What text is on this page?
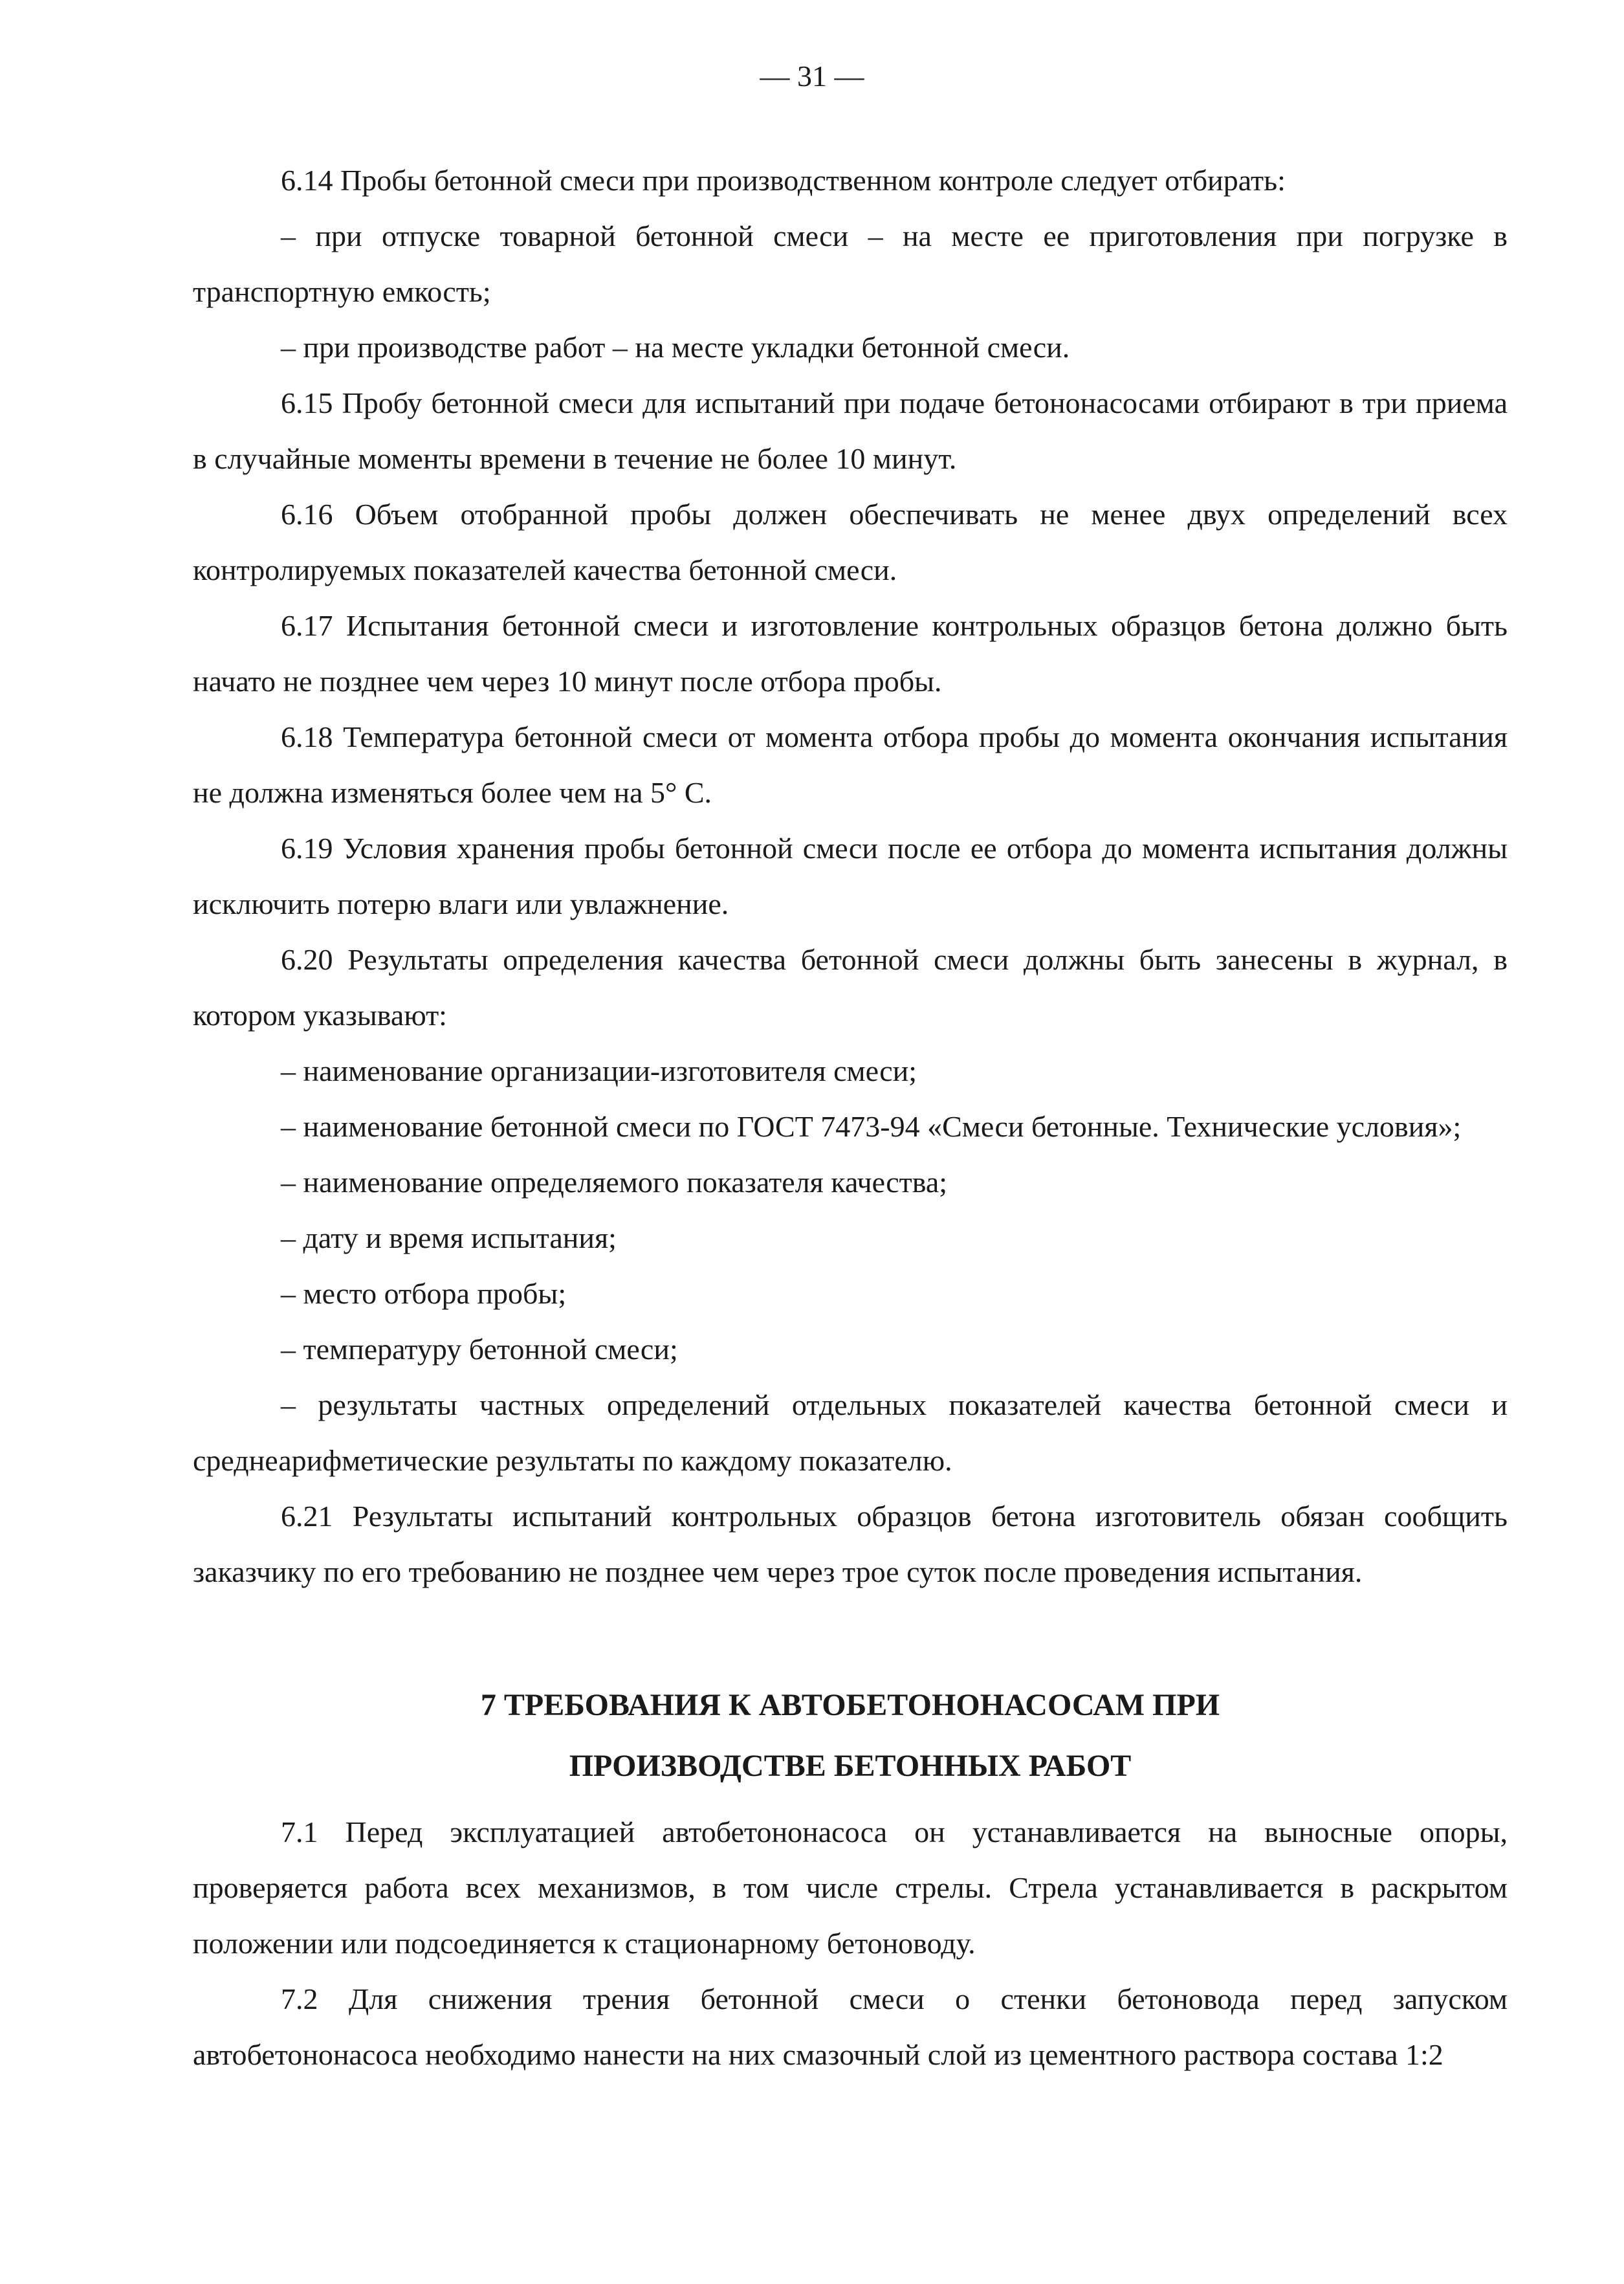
— 31 —

6.14 Пробы бетонной смеси при производственном контроле следует отбирать:

– при отпуске товарной бетонной смеси – на месте ее приготовления при погрузке в транспортную емкость;

– при производстве работ – на месте укладки бетонной смеси.

6.15 Пробу бетонной смеси для испытаний при подаче бетононасосами отбирают в три приема в случайные моменты времени в течение не более 10 минут.

6.16 Объем отобранной пробы должен обеспечивать не менее двух определений всех контролируемых показателей качества бетонной смеси.

6.17 Испытания бетонной смеси и изготовление контрольных образцов бетона должно быть начато не позднее чем через 10 минут после отбора пробы.

6.18 Температура бетонной смеси от момента отбора пробы до момента окончания испытания не должна изменяться более чем на 5° С.

6.19 Условия хранения пробы бетонной смеси после ее отбора до момента испытания должны исключить потерю влаги или увлажнение.

6.20 Результаты определения качества бетонной смеси должны быть занесены в журнал, в котором указывают:

– наименование организации-изготовителя смеси;

– наименование бетонной смеси по ГОСТ 7473-94 «Смеси бетонные. Технические условия»;

– наименование определяемого показателя качества;

– дату и время испытания;

– место отбора пробы;

– температуру бетонной смеси;

– результаты частных определений отдельных показателей качества бетонной смеси и среднеарифметические результаты по каждому показателю.

6.21 Результаты испытаний контрольных образцов бетона изготовитель обязан сообщить заказчику по его требованию не позднее чем через трое суток после проведения испытания.

7 ТРЕБОВАНИЯ К АВТОБЕТОНОНАСОСАМ ПРИ
ПРОИЗВОДСТВЕ БЕТОННЫХ РАБОТ

7.1 Перед эксплуатацией автобетононасоса он устанавливается на выносные опоры, проверяется работа всех механизмов, в том числе стрелы. Стрела устанавливается в раскрытом положении или подсоединяется к стационарному бетоноводу.

7.2 Для снижения трения бетонной смеси о стенки бетоновода перед запуском автобетононасоса необходимо нанести на них смазочный слой из цементного раствора состава 1:2
